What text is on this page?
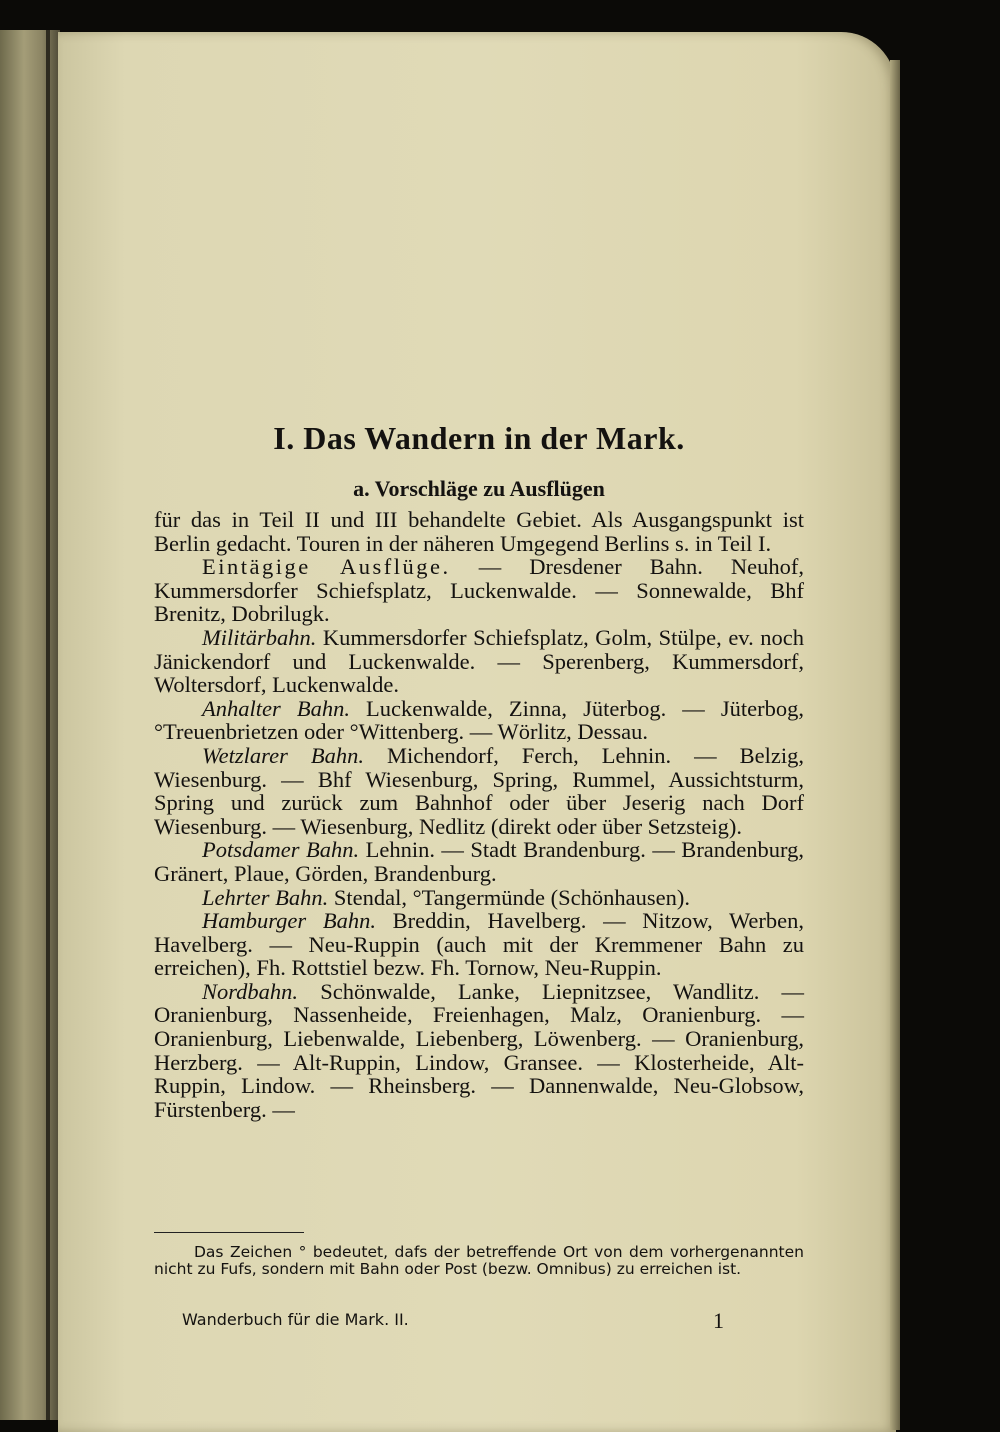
I. Das Wandern in der Mark.
a. Vorschläge zu Ausflügen

für das in Teil II und III behandelte Gebiet. Als Ausgangspunkt ist Berlin gedacht. Touren in der näheren Umgegend Berlins s. in Teil I.

Eintägige Ausflüge. — Dresdener Bahn. Neuhof, Kummersdorfer Schiefsplatz, Luckenwalde. — Sonnewalde, Bhf Brenitz, Dobrilugk.

Militärbahn. Kummersdorfer Schiefsplatz, Golm, Stülpe, ev. noch Jänickendorf und Luckenwalde. — Sperenberg, Kummersdorf, Woltersdorf, Luckenwalde.

Anhalter Bahn. Luckenwalde, Zinna, Jüterbog. — Jüterbog, °Treuenbrietzen oder °Wittenberg. — Wörlitz, Dessau.

Wetzlarer Bahn. Michendorf, Ferch, Lehnin. — Belzig, Wiesenburg. — Bhf Wiesenburg, Spring, Rummel, Aussichtsturm, Spring und zurück zum Bahnhof oder über Jeserig nach Dorf Wiesenburg. — Wiesenburg, Nedlitz (direkt oder über Setzsteig).

Potsdamer Bahn. Lehnin. — Stadt Brandenburg. — Brandenburg, Gränert, Plaue, Görden, Brandenburg.

Lehrter Bahn. Stendal, °Tangermünde (Schönhausen).

Hamburger Bahn. Breddin, Havelberg. — Nitzow, Werben, Havelberg. — Neu-Ruppin (auch mit der Kremmener Bahn zu erreichen), Fh. Rottstiel bezw. Fh. Tornow, Neu-Ruppin.

Nordbahn. Schönwalde, Lanke, Liepnitzsee, Wandlitz. — Oranienburg, Nassenheide, Freienhagen, Malz, Oranienburg. — Oranienburg, Liebenwalde, Liebenberg, Löwenberg. — Oranienburg, Herzberg. — Alt-Ruppin, Lindow, Gransee. — Klosterheide, Alt-Ruppin, Lindow. — Rheinsberg. — Dannenwalde, Neu-Globsow, Fürstenberg. —

Das Zeichen ° bedeutet, dafs der betreffende Ort von dem vorhergenannten nicht zu Fufs, sondern mit Bahn oder Post (bezw. Omnibus) zu erreichen ist.
Wanderbuch für die Mark. II.	1
